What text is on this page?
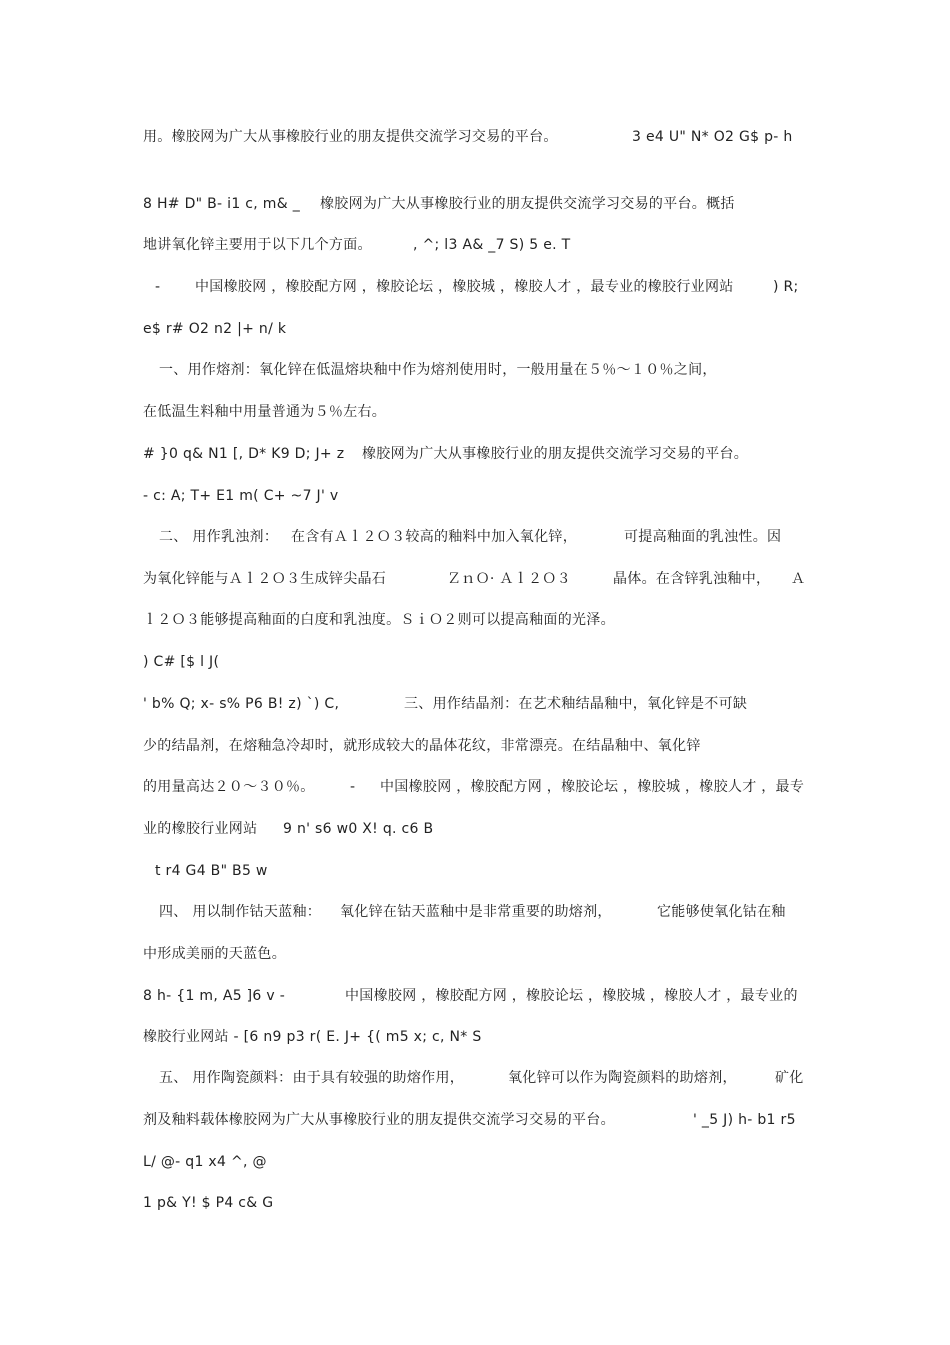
用。橡胶网为广大从事橡胶行业的朋友提供交流学习交易的平台。	3 e4 U" N* O2 G$ p- h
8 H# D" B- i1 c, m& _ 橡胶网为广大从事橡胶行业的朋友提供交流学习交易的平台。概括
地讲氧化锌主要用于以下几个方面。	, ^; l3 A& _7 S) 5 e. T
- 中国橡胶网 ，橡胶配方网 ，橡胶论坛 ，橡胶城 ，橡胶人才 ，最专业的橡胶行业网站	) R;
e$ r# O2 n2 |+ n/ k
一、用作熔剂：氧化锌在低温熔块釉中作为熔剂使用时，一般用量在５％～１０％之间，
在低温生料釉中用量普通为５％左右。
# }0 q& N1 [, D* K9 D; J+ z 橡胶网为广大从事橡胶行业的朋友提供交流学习交易的平台。
- c: A; T+ E1 m( C+ ~7 J' v
二、 用作乳浊剂： 在含有Ａｌ２Ｏ３较高的釉料中加入氧化锌，	可提高釉面的乳浊性。因
为氧化锌能与Ａｌ２Ｏ３生成锌尖晶石	ＺｎＯ· Ａｌ２Ｏ３	晶体。在含锌乳浊釉中， Ａ
ｌ２Ｏ３能够提高釉面的白度和乳浊度。ＳｉＯ２则可以提高釉面的光泽。
) C# [$ l J(
' b% Q; x- s% P6 B! z) `) C,	三、用作结晶剂：在艺术釉结晶釉中，氧化锌是不可缺
少的结晶剂，在熔釉急冷却时，就形成较大的晶体花纹，非常漂亮。在结晶釉中、氧化锌
的用量高达２０～３０％。	- 中国橡胶网 ，橡胶配方网 ，橡胶论坛 ，橡胶城 ，橡胶人才 ，最专
业的橡胶行业网站 9 n' s6 w0 X! q. c6 B
t r4 G4 B" B5 w
四、 用以制作钴天蓝釉： 氧化锌在钴天蓝釉中是非常重要的助熔剂，	它能够使氧化钴在釉
中形成美丽的天蓝色。
8 h- {1 m, A5 ]6 v -	中国橡胶网 ，橡胶配方网 ，橡胶论坛 ，橡胶城 ，橡胶人才 ，最专业的
橡胶行业网站 - [6 n9 p3 r( E. J+ {( m5 x; c, N* S
五、 用作陶瓷颜料：由于具有较强的助熔作用，	氧化锌可以作为陶瓷颜料的助熔剂，	矿化
剂及釉料载体橡胶网为广大从事橡胶行业的朋友提供交流学习交易的平台。	' _5 J) h- b1 r5
L/ @- q1 x4 ^, @
1 p& Y! $ P4 c& G
